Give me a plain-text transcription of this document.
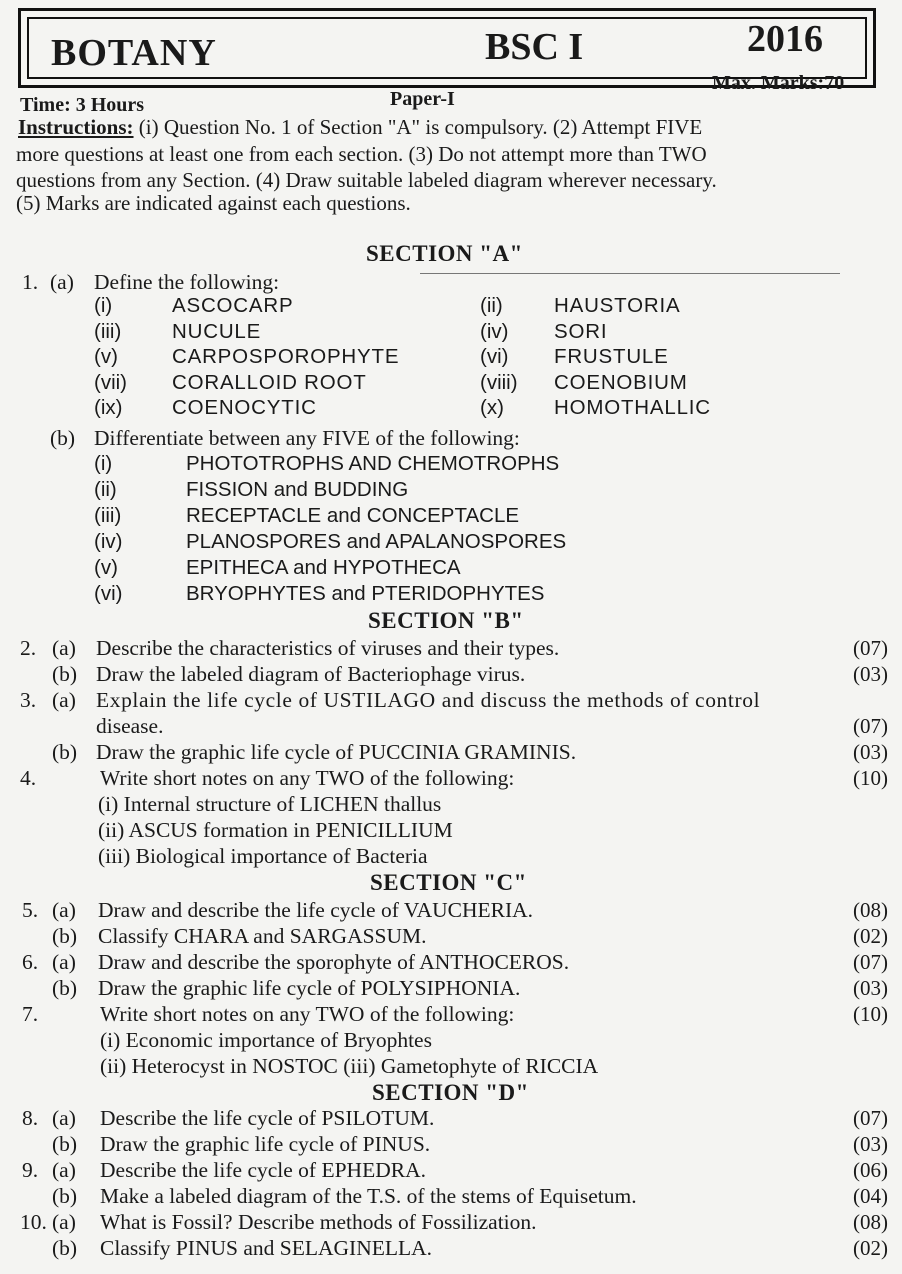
BOTANY	BSC I	2016
Time: 3 Hours	Paper-I
Max. Marks:70
Instructions: (i) Question No. 1 of Section "A" is compulsory. (2) Attempt FIVE
more questions at least one from each section. (3) Do not attempt more than TWO
questions from any Section. (4) Draw suitable labeled diagram wherever necessary.
(5) Marks are indicated against each questions.
SECTION "A"
1. (a) Define the following:
(i)	ASCOCARP	(ii) HAUSTORIA
(iii) NUCULE	(iv) SORI
(v)	CARPOSPOROPHYTE	(vi) FRUSTULE
(vii) CORALLOID ROOT	(viii) COENOBIUM
(ix) COENOCYTIC	(x) HOMOTHALLIC
(b) Differentiate between any FIVE of the following:
(i)	PHOTOTROPHS AND CHEMOTROPHS
(ii)	FISSION and BUDDING
(iii)	RECEPTACLE and CONCEPTACLE
(iv)	PLANOSPORES and APALANOSPORES
(v)	EPITHECA and HYPOTHECA
(vi)	BRYOPHYTES and PTERIDOPHYTES
SECTION "B"
2. (a) Describe the characteristics of viruses and their types.	(07)
(b) Draw the labeled diagram of Bacteriophage virus.	(03)
3. (a) Explain the life cycle of USTILAGO and discuss the methods of control
disease.	(07)
(b) Draw the graphic life cycle of PUCCINIA GRAMINIS.	(03)
4.	Write short notes on any TWO of the following:	(10)
(i) Internal structure of LICHEN thallus
(ii) ASCUS formation in PENICILLIUM
(iii) Biological importance of Bacteria
SECTION "C"
5. (a) Draw and describe the life cycle of VAUCHERIA.	(08)
(b) Classify CHARA and SARGASSUM.	(02)
6. (a) Draw and describe the sporophyte of ANTHOCEROS.	(07)
(b) Draw the graphic life cycle of POLYSIPHONIA.	(03)
7.	Write short notes on any TWO of the following:	(10)
(i) Economic importance of Bryophtes
(ii) Heterocyst in NOSTOC (iii) Gametophyte of RICCIA
SECTION "D"
8. (a) Describe the life cycle of PSILOTUM.	(07)
(b) Draw the graphic life cycle of PINUS.	(03)
9. (a) Describe the life cycle of EPHEDRA.	(06)
(b) Make a labeled diagram of the T.S. of the stems of Equisetum.	(04)
10. (a) What is Fossil? Describe methods of Fossilization.	(08)
(b) Classify PINUS and SELAGINELLA.	(02)
